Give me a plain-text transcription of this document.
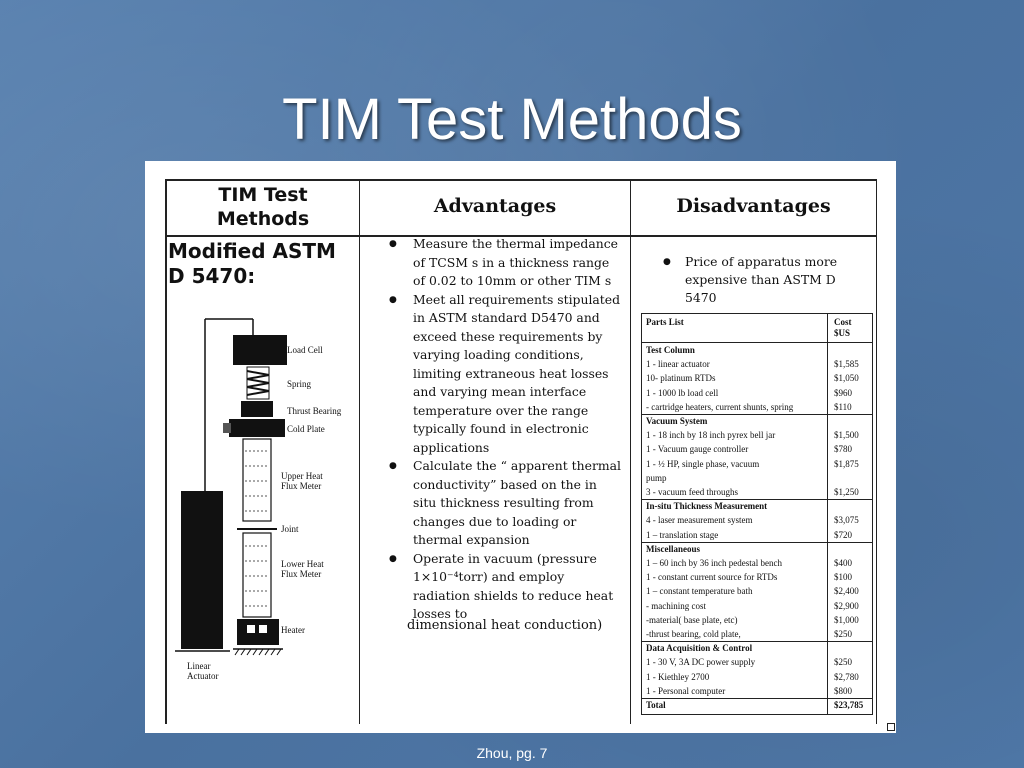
TIM Test Methods
TIM Test
Methods
Advantages	Disadvantages
Modified ASTM
D 5470:
Load Cell
Spring
Thrust Bearing
Cold Plate
Upper Heat
Flux Meter
Joint
Lower Heat
Flux Meter
Heater
Linear
Actuator
● Measure the thermal impedance of TCSM s in a thickness range of 0.02 to 10mm or other TIM s
● Meet all requirements stipulated in ASTM standard D5470 and exceed these requirements by varying loading conditions, limiting extraneous heat losses and varying mean interface temperature over the range typically found in electronic applications
● Calculate the “ apparent thermal conductivity” based on the in situ thickness resulting from changes due to loading or thermal expansion
● Operate in vacuum (pressure 1×10⁻⁴torr) and employ radiation shields to reduce heat losses to
dimensional heat conduction)
● Price of apparatus more expensive than ASTM D 5470
Parts List	Cost
$US
Test Column
1 - linear actuator	$1,585
10- platinum RTDs	$1,050
1 - 1000 lb load cell	$960
- cartridge heaters, current shunts, spring	$110
Vacuum System
1 - 18 inch by 18 inch pyrex bell jar	$1,500
1 - Vacuum gauge controller	$780
1 - ½ HP, single phase, vacuum	$1,875
pump
3 - vacuum feed throughs	$1,250
In-situ Thickness Measurement
4 - laser measurement system	$3,075
1 – translation stage	$720
Miscellaneous
1 – 60 inch by 36 inch pedestal bench	$400
1 - constant current source for RTDs	$100
1 – constant temperature bath	$2,400
- machining cost	$2,900
-material( base plate, etc)	$1,000
-thrust bearing, cold plate,	$250
Data Acquisition & Control
1 - 30 V, 3A DC power supply	$250
1 - Kiethley 2700	$2,780
1 - Personal computer	$800
Total	$23,785
Zhou, pg. 7
